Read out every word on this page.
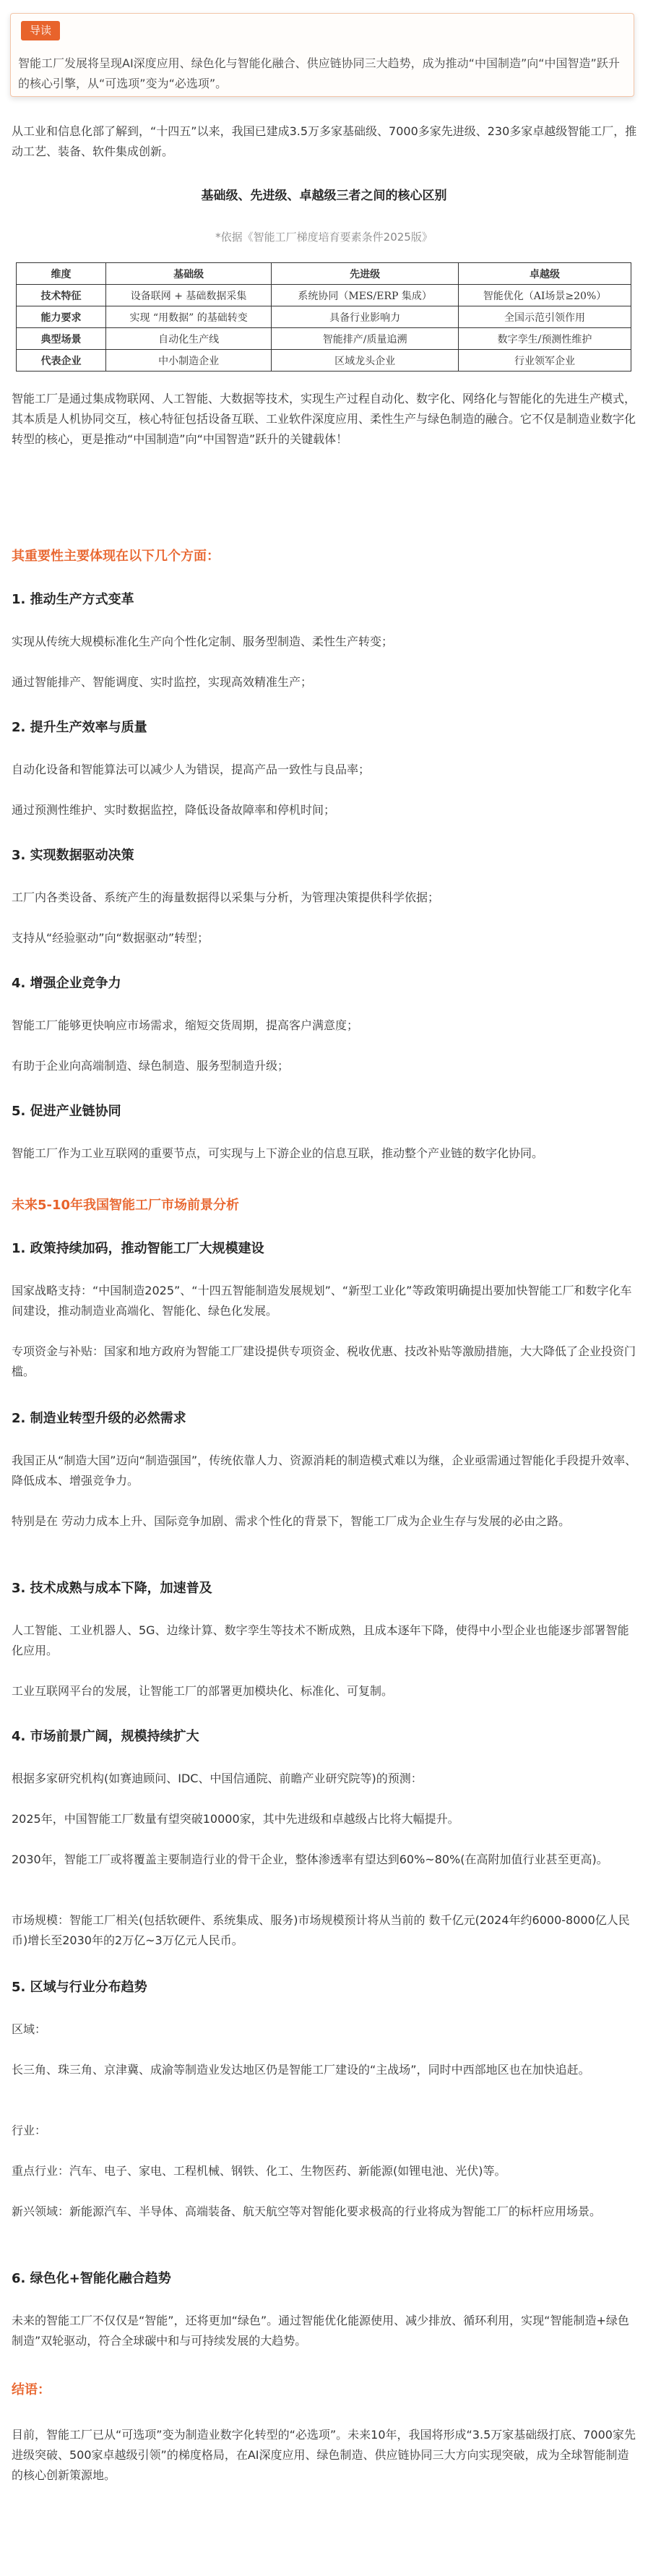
导读
智能工厂发展将呈现AI深度应用、绿色化与智能化融合、供应链协同三大趋势，成为推动“中国制造”向“中国智造”跃升的核心引擎，从“可选项”变为“必选项”。
从工业和信息化部了解到，“十四五”以来，我国已建成3.5万多家基础级、7000多家先进级、230多家卓越级智能工厂，推动工艺、装备、软件集成创新。
基础级、先进级、卓越级三者之间的核心区别
*依据《智能工厂梯度培育要素条件2025版》
维度	基础级	先进级	卓越级
技术特征	设备联网 + 基础数据采集	系统协同（MES/ERP 集成）	智能优化（AI场景≥20%）
能力要求	实现 “用数据” 的基础转变	具备行业影响力	全国示范引领作用
典型场景	自动化生产线	智能排产/质量追溯	数字孪生/预测性维护
代表企业	中小制造企业	区域龙头企业	行业领军企业
智能工厂是通过集成物联网、人工智能、大数据等技术，实现生产过程自动化、数字化、网络化与智能化的先进生产模式，其本质是人机协同交互，核心特征包括设备互联、工业软件深度应用、柔性生产与绿色制造的融合。它不仅是制造业数字化转型的核心，更是推动“中国制造”向“中国智造”跃升的关键载体！
其重要性主要体现在以下几个方面：
1. 推动生产方式变革
实现从传统大规模标准化生产向个性化定制、服务型制造、柔性生产转变；
通过智能排产、智能调度、实时监控，实现高效精准生产；
2. 提升生产效率与质量
自动化设备和智能算法可以减少人为错误，提高产品一致性与良品率；
通过预测性维护、实时数据监控，降低设备故障率和停机时间；
3. 实现数据驱动决策
工厂内各类设备、系统产生的海量数据得以采集与分析，为管理决策提供科学依据；
支持从“经验驱动”向“数据驱动”转型；
4. 增强企业竞争力
智能工厂能够更快响应市场需求，缩短交货周期，提高客户满意度；
有助于企业向高端制造、绿色制造、服务型制造升级；
5. 促进产业链协同
智能工厂作为工业互联网的重要节点，可实现与上下游企业的信息互联，推动整个产业链的数字化协同。
未来5-10年我国智能工厂市场前景分析
1. 政策持续加码，推动智能工厂大规模建设
国家战略支持：“中国制造2025”、“十四五智能制造发展规划”、“新型工业化”等政策明确提出要加快智能工厂和数字化车间建设，推动制造业高端化、智能化、绿色化发展。
专项资金与补贴：国家和地方政府为智能工厂建设提供专项资金、税收优惠、技改补贴等激励措施，大大降低了企业投资门槛。
2. 制造业转型升级的必然需求
我国正从“制造大国”迈向“制造强国”，传统依靠人力、资源消耗的制造模式难以为继，企业亟需通过智能化手段提升效率、降低成本、增强竞争力。
特别是在 劳动力成本上升、国际竞争加剧、需求个性化的背景下，智能工厂成为企业生存与发展的必由之路。
3. 技术成熟与成本下降，加速普及
人工智能、工业机器人、5G、边缘计算、数字孪生等技术不断成熟，且成本逐年下降，使得中小型企业也能逐步部署智能化应用。
工业互联网平台的发展，让智能工厂的部署更加模块化、标准化、可复制。
4. 市场前景广阔，规模持续扩大
根据多家研究机构(如赛迪顾问、IDC、中国信通院、前瞻产业研究院等)的预测：
2025年，中国智能工厂数量有望突破10000家，其中先进级和卓越级占比将大幅提升。
2030年，智能工厂或将覆盖主要制造行业的骨干企业，整体渗透率有望达到60%~80%(在高附加值行业甚至更高)。
市场规模：智能工厂相关(包括软硬件、系统集成、服务)市场规模预计将从当前的 数千亿元(2024年约6000-8000亿人民币)增长至2030年的2万亿~3万亿元人民币。
5. 区域与行业分布趋势
区域：
长三角、珠三角、京津冀、成渝等制造业发达地区仍是智能工厂建设的“主战场”，同时中西部地区也在加快追赶。
行业：
重点行业：汽车、电子、家电、工程机械、钢铁、化工、生物医药、新能源(如锂电池、光伏)等。
新兴领域：新能源汽车、半导体、高端装备、航天航空等对智能化要求极高的行业将成为智能工厂的标杆应用场景。
6. 绿色化+智能化融合趋势
未来的智能工厂不仅仅是“智能”，还将更加“绿色”。通过智能优化能源使用、减少排放、循环利用，实现“智能制造+绿色制造”双轮驱动，符合全球碳中和与可持续发展的大趋势。
结语：
目前，智能工厂已从“可选项”变为制造业数字化转型的“必选项”。未来10年，我国将形成“3.5万家基础级打底、7000家先进级突破、500家卓越级引领”的梯度格局，在AI深度应用、绿色制造、供应链协同三大方向实现突破，成为全球智能制造的核心创新策源地。
